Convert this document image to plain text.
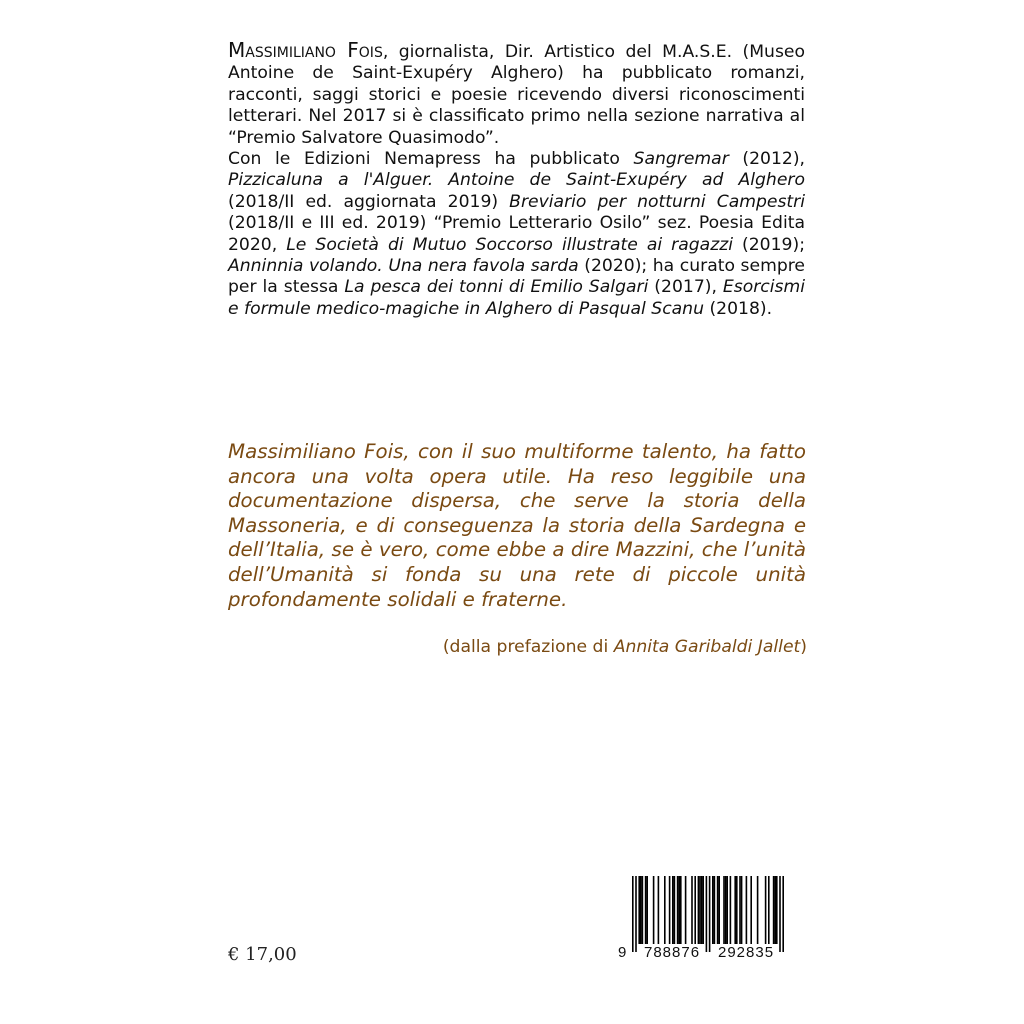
Massimiliano Fois, giornalista, Dir. Artistico del M.A.S.E. (Museo Antoine de Saint-Exupéry Alghero) ha pubblicato romanzi, racconti, saggi storici e poesie ricevendo diversi riconoscimenti letterari. Nel 2017 si è classificato primo nella sezione narrativa al “Premio Salvatore Quasimodo”.

Con le Edizioni Nemapress ha pubblicato Sangremar (2012), Pizzicaluna a l'Alguer. Antoine de Saint-Exupéry ad Alghero (2018/II ed. aggiornata 2019) Breviario per notturni Campestri (2018/II e III ed. 2019) “Premio Letterario Osilo” sez. Poesia Edita 2020, Le Società di Mutuo Soccorso illustrate ai ragazzi (2019); Anninnia volando. Una nera favola sarda (2020); ha curato sempre per la stessa La pesca dei tonni di Emilio Salgari (2017), Esorcismi e formule medico-magiche in Alghero di Pasqual Scanu (2018).

Massimiliano Fois, con il suo multiforme talento, ha fatto ancora una volta opera utile. Ha reso leggibile una documentazione dispersa, che serve la storia della Massoneria, e di conseguenza la storia della Sardegna e dell’Italia, se è vero, come ebbe a dire Mazzini, che l’unità dell’Umanità si fonda su una rete di piccole unità profondamente solidali e fraterne.

(dalla prefazione di Annita Garibaldi Jallet)

€ 17,00	9 788876 292835
